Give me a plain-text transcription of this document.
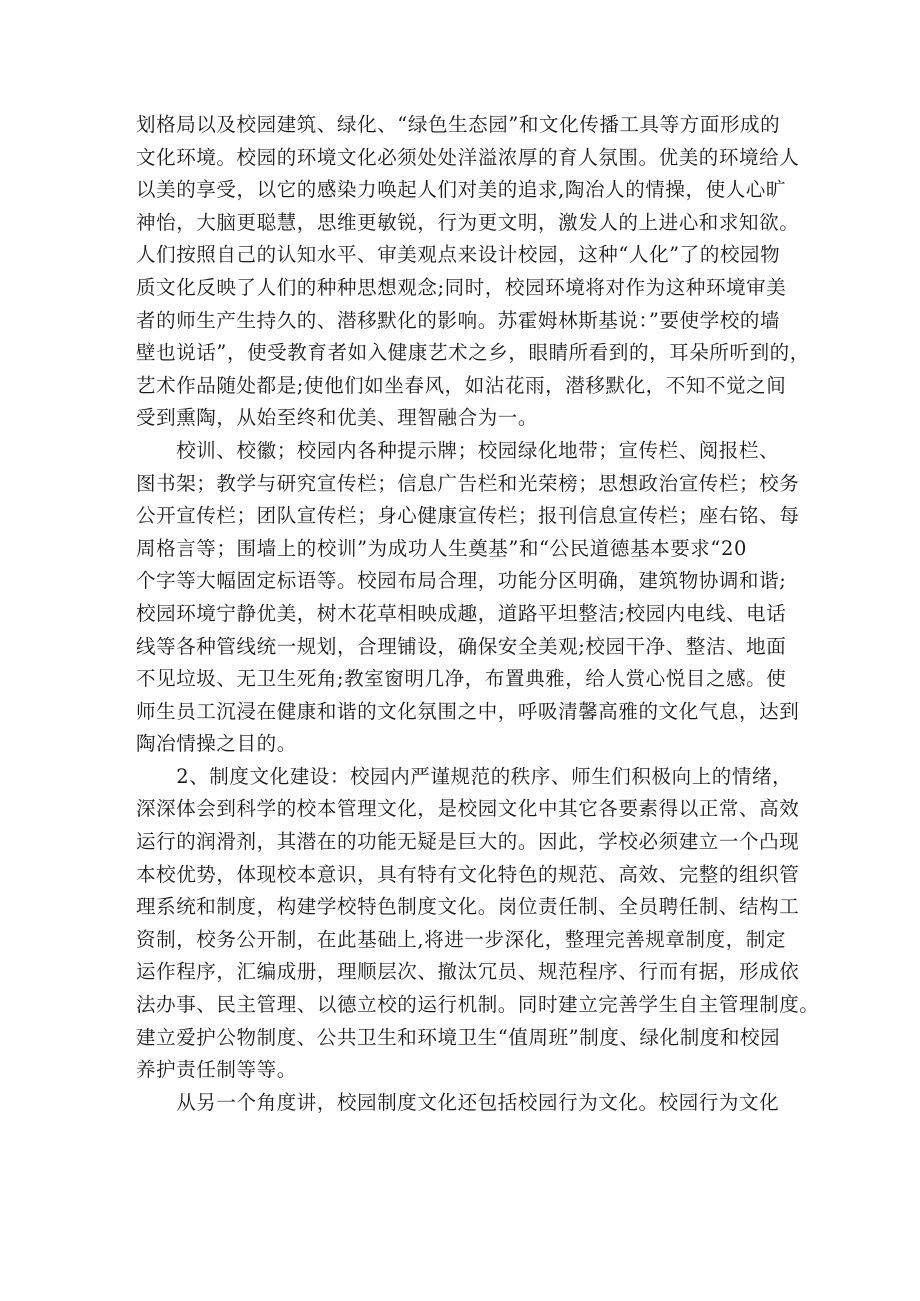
划格局以及校园建筑、绿化、“绿色生态园”和文化传播工具等方面形成的
文化环境。校园的环境文化必须处处洋溢浓厚的育人氛围。优美的环境给人
以美的享受，以它的感染力唤起人们对美的追求,陶冶人的情操，使人心旷
神怡，大脑更聪慧，思维更敏锐，行为更文明，激发人的上进心和求知欲。
人们按照自己的认知水平、审美观点来设计校园，这种“人化”了的校园物
质文化反映了人们的种种思想观念;同时，校园环境将对作为这种环境审美
者的师生产生持久的、潜移默化的影响。苏霍姆林斯基说：”要使学校的墙
壁也说话”，使受教育者如入健康艺术之乡，眼睛所看到的，耳朵所听到的，
艺术作品随处都是;使他们如坐春风，如沾花雨，潜移默化，不知不觉之间
受到熏陶，从始至终和优美、理智融合为一。
　　校训、校徽；校园内各种提示牌；校园绿化地带；宣传栏、阅报栏、
图书架；教学与研究宣传栏；信息广告栏和光荣榜；思想政治宣传栏；校务
公开宣传栏；团队宣传栏；身心健康宣传栏；报刊信息宣传栏；座右铭、每
周格言等；围墙上的校训”为成功人生奠基”和“公民道德基本要求“20
个字等大幅固定标语等。校园布局合理，功能分区明确，建筑物协调和谐;
校园环境宁静优美，树木花草相映成趣，道路平坦整洁;校园内电线、电话
线等各种管线统一规划，合理铺设，确保安全美观;校园干净、整洁、地面
不见垃圾、无卫生死角;教室窗明几净，布置典雅，给人赏心悦目之感。使
师生员工沉浸在健康和谐的文化氛围之中，呼吸清馨高雅的文化气息，达到
陶冶情操之目的。
　　2、制度文化建设：校园内严谨规范的秩序、师生们积极向上的情绪，
深深体会到科学的校本管理文化，是校园文化中其它各要素得以正常、高效
运行的润滑剂，其潜在的功能无疑是巨大的。因此，学校必须建立一个凸现
本校优势，体现校本意识，具有特有文化特色的规范、高效、完整的组织管
理系统和制度，构建学校特色制度文化。岗位责任制、全员聘任制、结构工
资制，校务公开制，在此基础上,将进一步深化，整理完善规章制度，制定
运作程序，汇编成册，理顺层次、撤汰冗员、规范程序、行而有据，形成依
法办事、民主管理、以德立校的运行机制。同时建立完善学生自主管理制度。
建立爱护公物制度、公共卫生和环境卫生“值周班”制度、绿化制度和校园
养护责任制等等。
　　从另一个角度讲，校园制度文化还包括校园行为文化。校园行为文化
